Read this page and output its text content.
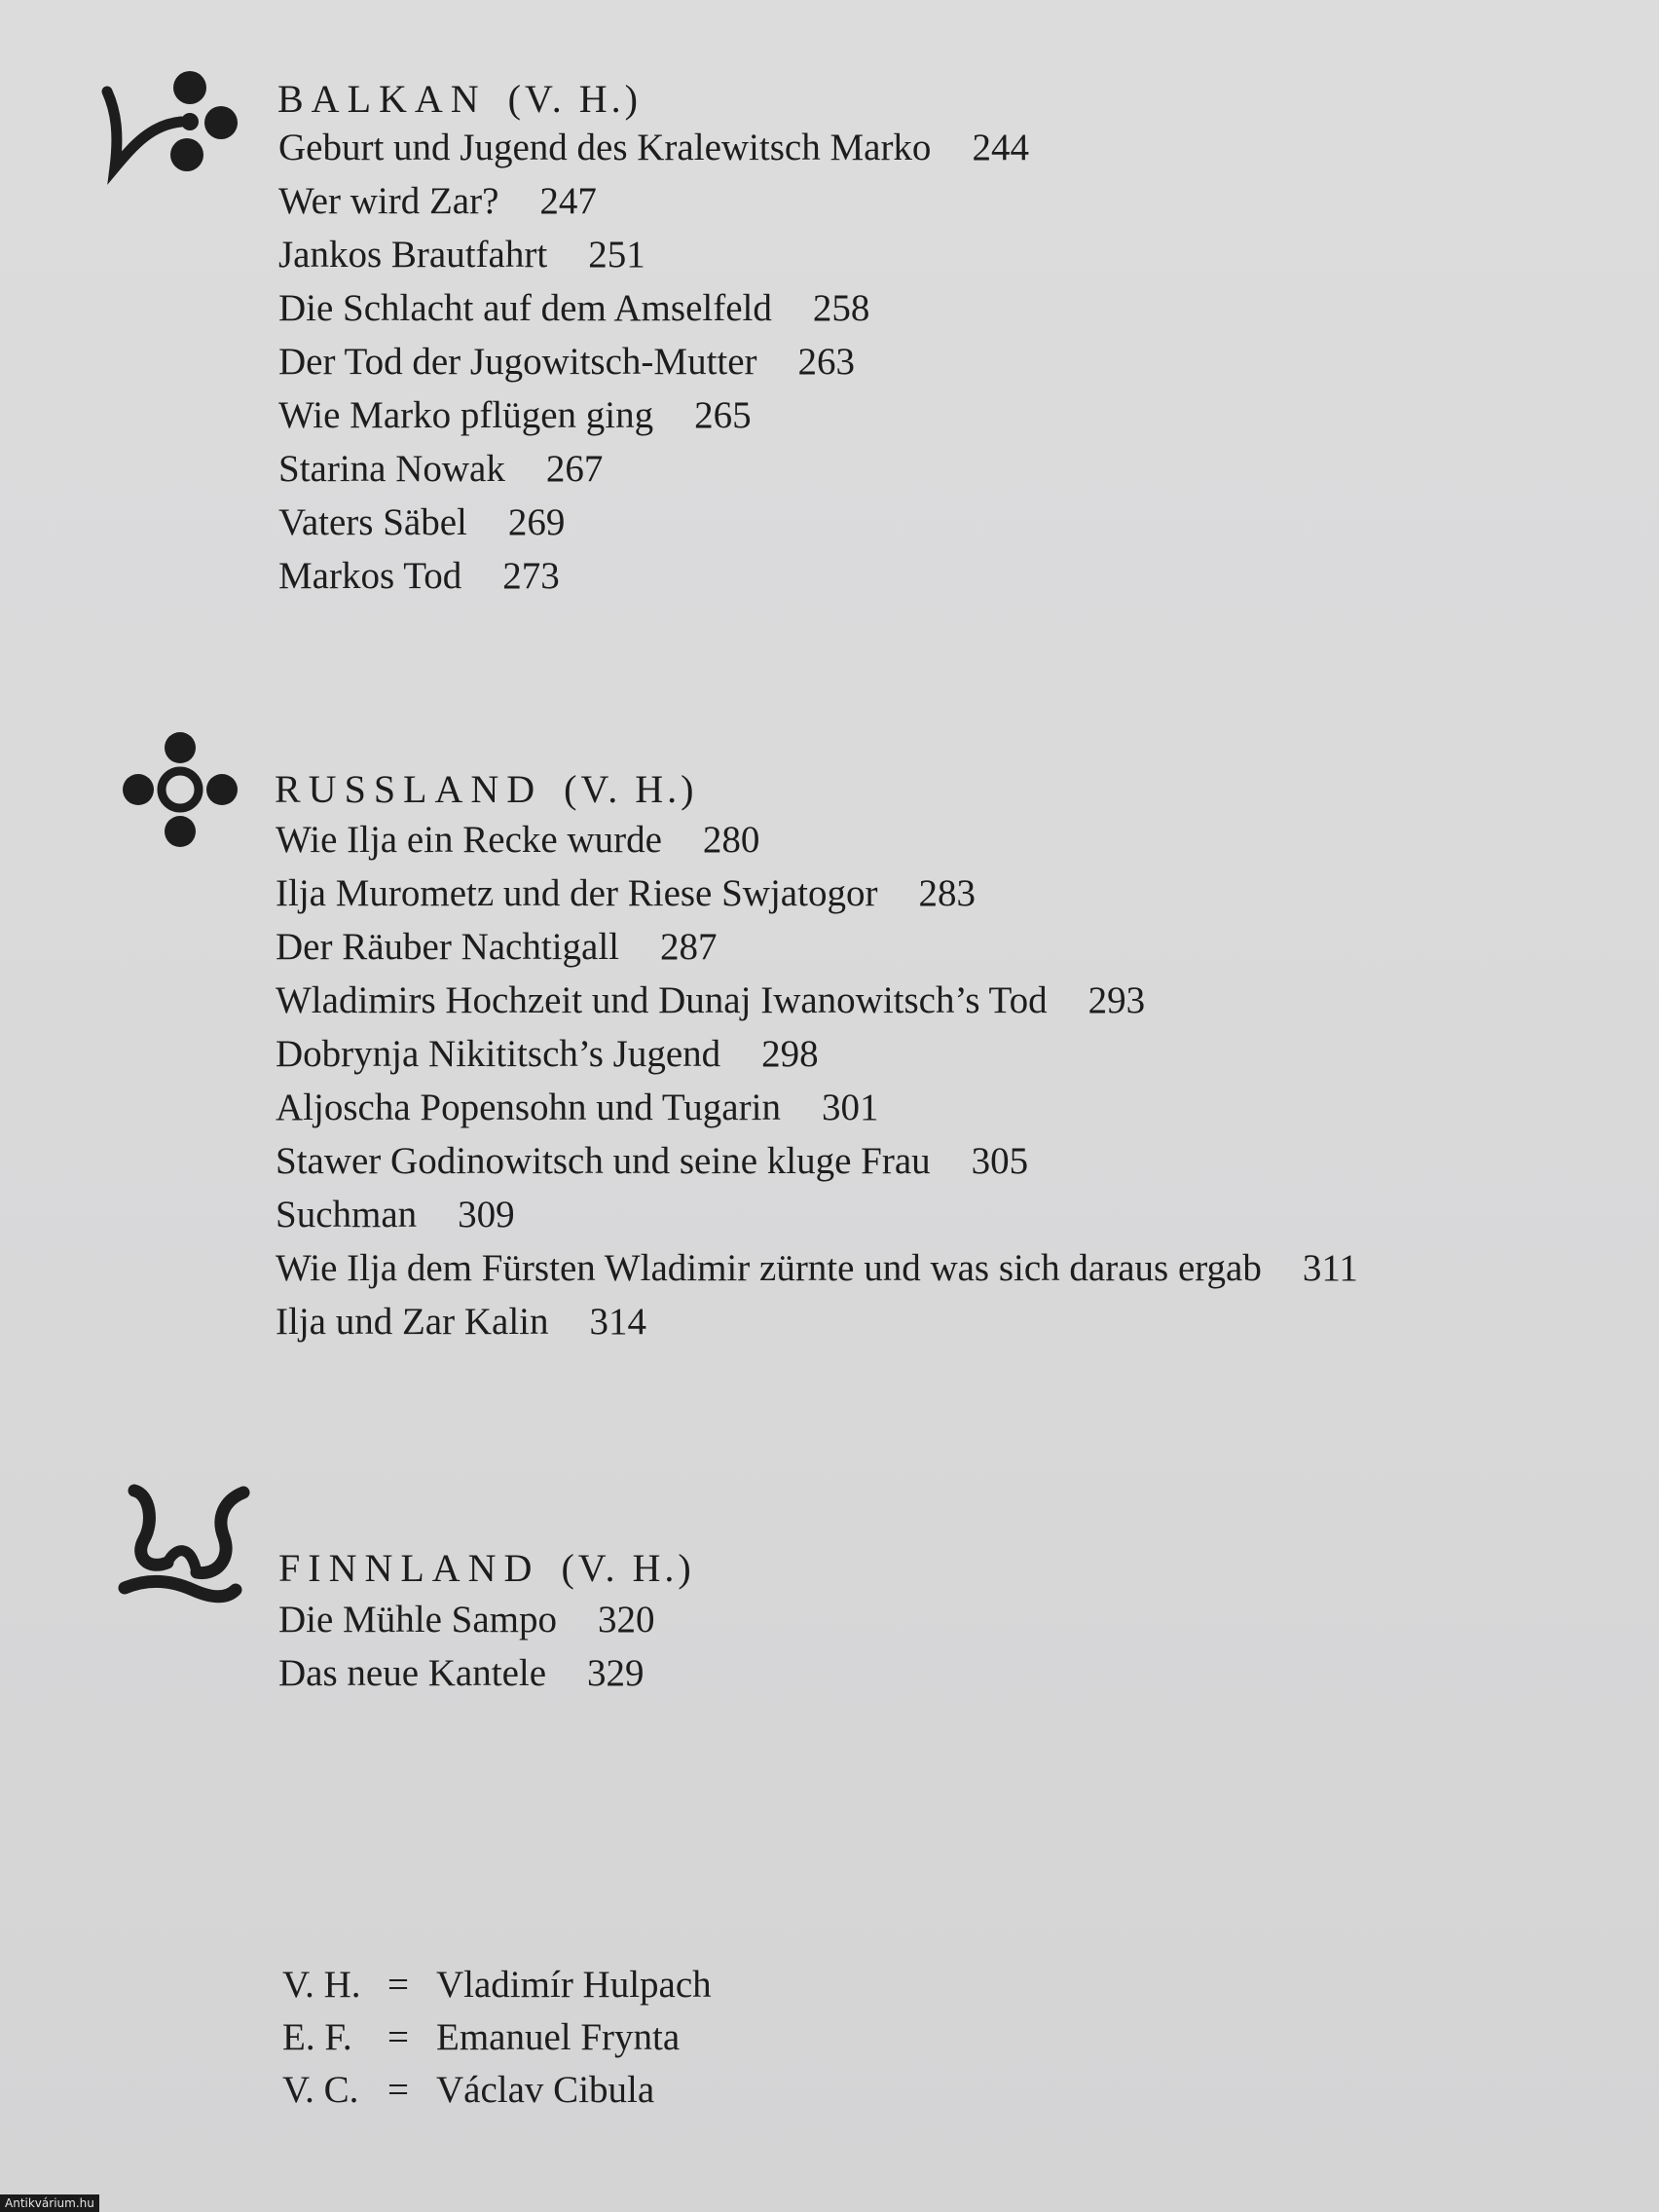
BALKAN (V. H.)
Geburt und Jugend des Kralewitsch Marko 244
Wer wird Zar? 247
Jankos Brautfahrt 251
Die Schlacht auf dem Amselfeld 258
Der Tod der Jugowitsch-Mutter 263
Wie Marko pflügen ging 265
Starina Nowak 267
Vaters Säbel 269
Markos Tod 273
RUSSLAND (V. H.)
Wie Ilja ein Recke wurde 280
Ilja Murometz und der Riese Swjatogor 283
Der Räuber Nachtigall 287
Wladimirs Hochzeit und Dunaj Iwanowitsch’s Tod 293
Dobrynja Nikititsch’s Jugend 298
Aljoscha Popensohn und Tugarin 301
Stawer Godinowitsch und seine kluge Frau 305
Suchman 309
Wie Ilja dem Fürsten Wladimir zürnte und was sich daraus ergab 311
Ilja und Zar Kalin 314
FINNLAND (V. H.)
Die Mühle Sampo 320
Das neue Kantele 329
V. H. = Vladimír Hulpach
E. F. = Emanuel Frynta
V. C. = Václav Cibula
Antikvárium.hu
